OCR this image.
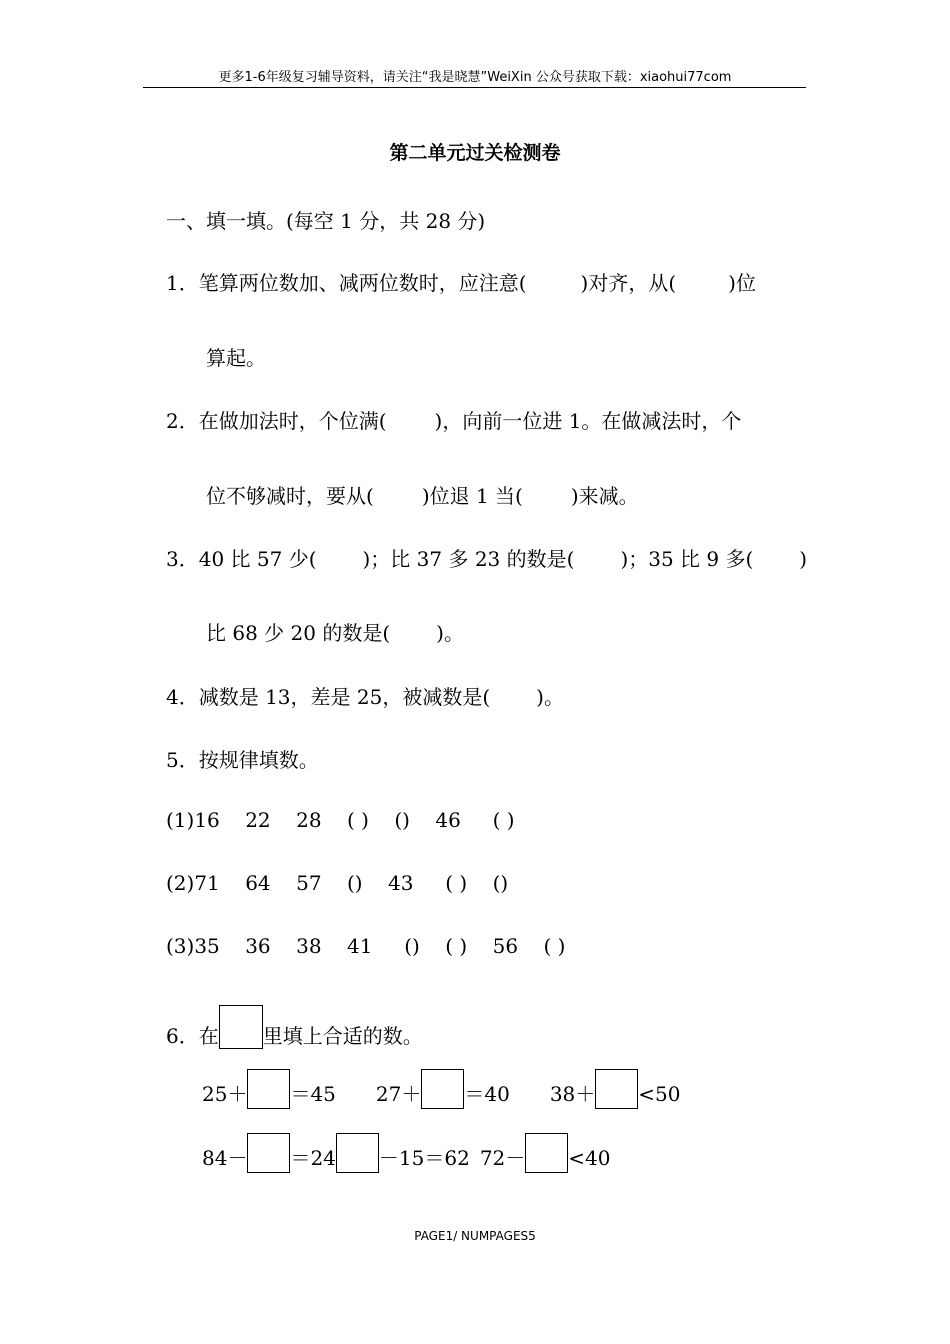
更多1-6年级复习辅导资料，请关注“我是晓慧”WeiXin 公众号获取下载：xiaohui77com
第二单元过关检测卷
一、填一填。(每空 1 分，共 28 分)
1．笔算两位数加、减两位数时，应注意(	)对齐，从(	)位
算起。
2．在做加法时，个位满( )，向前一位进 1。在做减法时，个
位不够减时，要从( )位退 1 当( )来减。
3．40 比 57 少( )；比 37 多 23 的数是( )；35 比 9 多( )
比 68 少 20 的数是( )。
4．减数是 13，差是 25，被减数是( )。
5．按规律填数。
(1)16    22    28    ( )    ()    46     ( )
(2)71    64    57    ()    43     ( )    ()
(3)35    36    38    41     ()    ( )    56    ( )
6．在 里填上合适的数。
25＋ ＝45 27＋ ＝40 38＋ <50
84－ ＝24 －15＝62 72－ <40
PAGE1/ NUMPAGES5
